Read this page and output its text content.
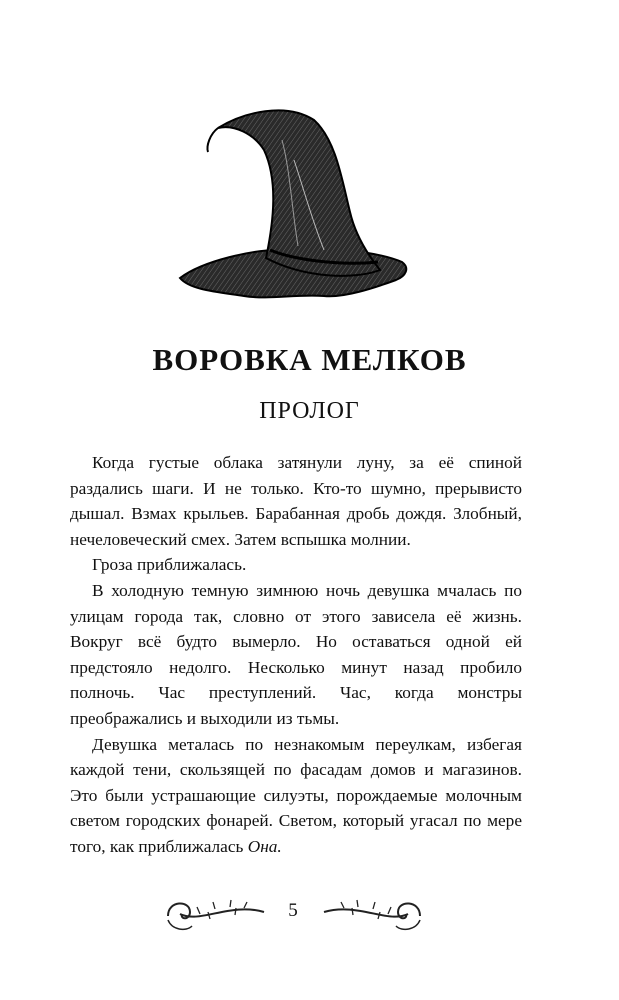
ВОРОВКА МЕЛКОВ
ПРОЛОГ

Когда густые облака затянули луну, за её спиной раздались шаги. И не только. Кто-то шумно, прерывисто дышал. Взмах крыльев. Барабанная дробь дождя. Злобный, нечеловеческий смех. Затем вспышка молнии.

Гроза приближалась.

В холодную темную зимнюю ночь девушка мчалась по улицам города так, словно от этого зависела её жизнь. Вокруг всё будто вымерло. Но оставаться одной ей предстояло недолго. Несколько минут назад пробило полночь. Час преступлений. Час, когда монстры преображались и выходили из тьмы.

Девушка металась по незнакомым переулкам, избегая каждой тени, скользящей по фасадам домов и магазинов. Это были устрашающие силуэты, порождаемые молочным светом городских фонарей. Светом, который угасал по мере того, как приближалась Она.

5
